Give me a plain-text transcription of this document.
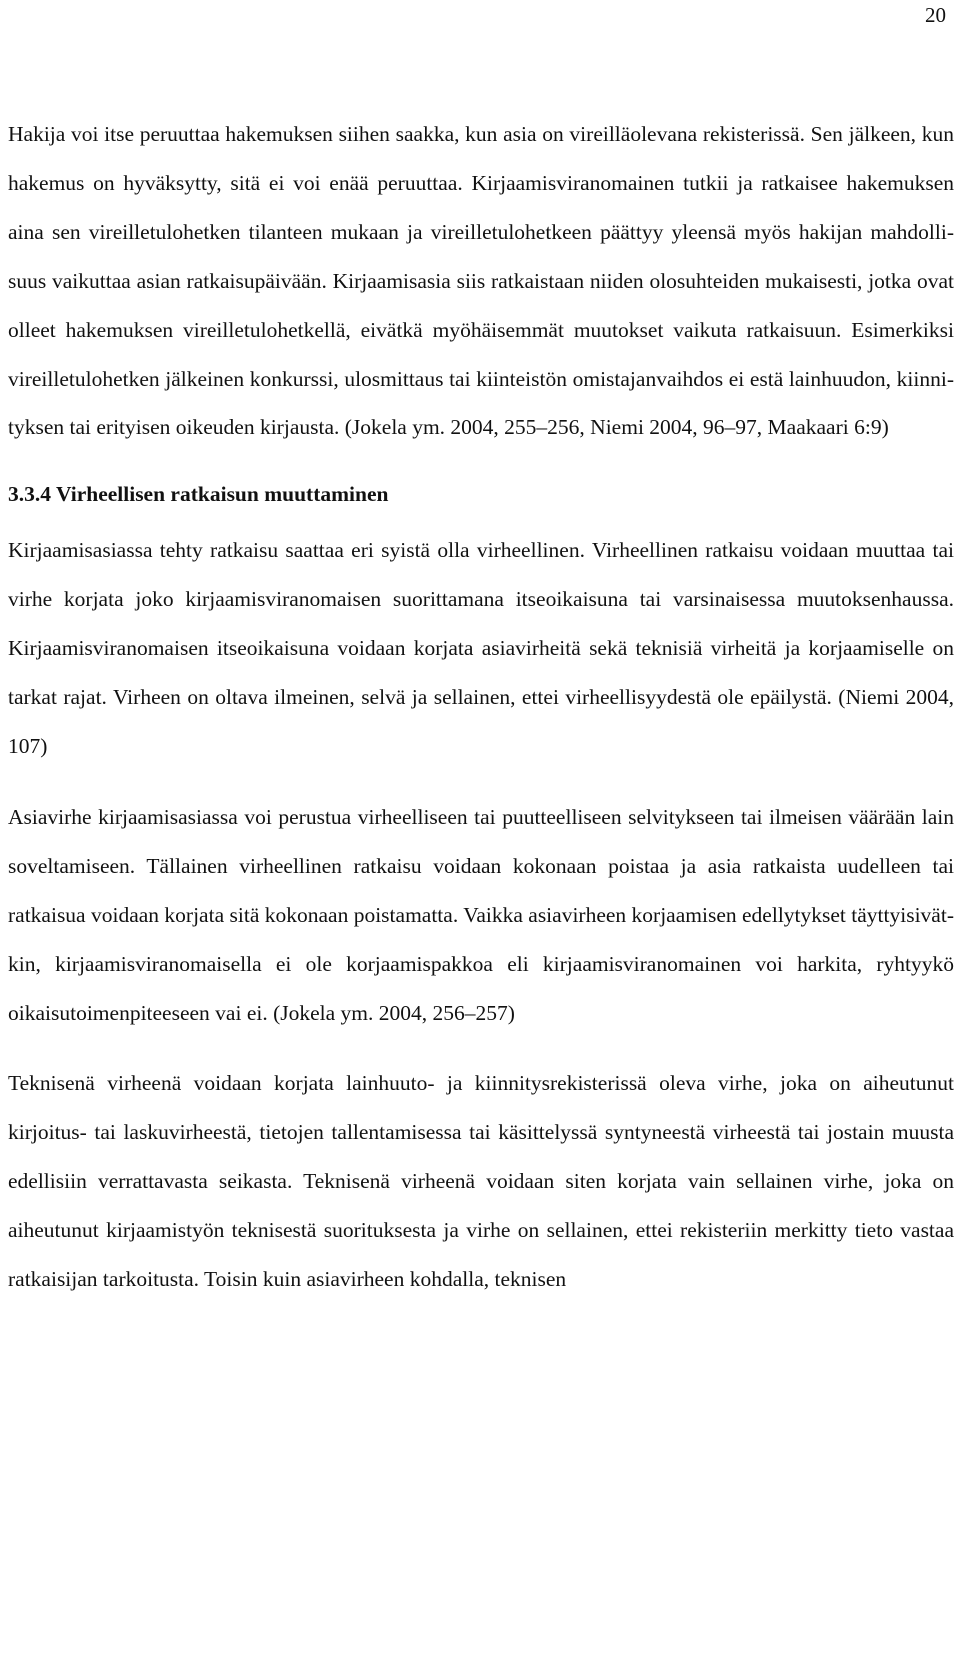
20

Hakija voi itse peruuttaa hakemuksen siihen saakka, kun asia on vireilläolevana rekisterissä. Sen jälkeen, kun hakemus on hyväksytty, sitä ei voi enää peruuttaa. Kirjaamisviranomainen tutkii ja ratkaisee hakemuksen aina sen vireilletulohetken tilanteen mukaan ja vireilletulohetkeen päättyy yleensä myös hakijan mahdollisuus vaikuttaa asian ratkaisupäivään. Kirjaamisasia siis ratkaistaan niiden olosuhteiden mukaisesti, jotka ovat olleet hakemuksen vireilletulohetkellä, eivätkä myöhäisemmät muutokset vaikuta ratkaisuun. Esimerkiksi vireilletulohetken jälkeinen konkurssi, ulosmittaus tai kiinteistön omistajanvaihdos ei estä lainhuudon, kiinnityksen tai erityisen oikeuden kirjausta. (Jokela ym. 2004, 255–256, Niemi 2004, 96–97, Maakaari 6:9)

3.3.4 Virheellisen ratkaisun muuttaminen

Kirjaamisasiassa tehty ratkaisu saattaa eri syistä olla virheellinen. Virheellinen ratkaisu voidaan muuttaa tai virhe korjata joko kirjaamisviranomaisen suorittamana itseoikaisuna tai varsinaisessa muutoksenhaussa. Kirjaamisviranomaisen itseoikaisuna voidaan korjata asiavirheitä sekä teknisiä virheitä ja korjaamiselle on tarkat rajat. Virheen on oltava ilmeinen, selvä ja sellainen, ettei virheellisyydestä ole epäilystä. (Niemi 2004, 107)

Asiavirhe kirjaamisasiassa voi perustua virheelliseen tai puutteelliseen selvitykseen tai ilmeisen väärään lain soveltamiseen. Tällainen virheellinen ratkaisu voidaan kokonaan poistaa ja asia ratkaista uudelleen tai ratkaisua voidaan korjata sitä kokonaan poistamatta. Vaikka asiavirheen korjaamisen edellytykset täyttyisivätkin, kirjaamisviranomaisella ei ole korjaamispakkoa eli kirjaamisviranomainen voi harkita, ryhtyykö oikaisutoimenpiteeseen vai ei. (Jokela ym. 2004, 256–257)

Teknisenä virheenä voidaan korjata lainhuuto- ja kiinnitysrekisterissä oleva virhe, joka on aiheutunut kirjoitus- tai laskuvirheestä, tietojen tallentamisessa tai käsittelyssä syntyneestä virheestä tai jostain muusta edellisiin verrattavasta seikasta. Teknisenä virheenä voidaan siten korjata vain sellainen virhe, joka on aiheutunut kirjaamistyön teknisestä suorituksesta ja virhe on sellainen, ettei rekisteriin merkitty tieto vastaa ratkaisijan tarkoitusta. Toisin kuin asiavirheen kohdalla, teknisen
